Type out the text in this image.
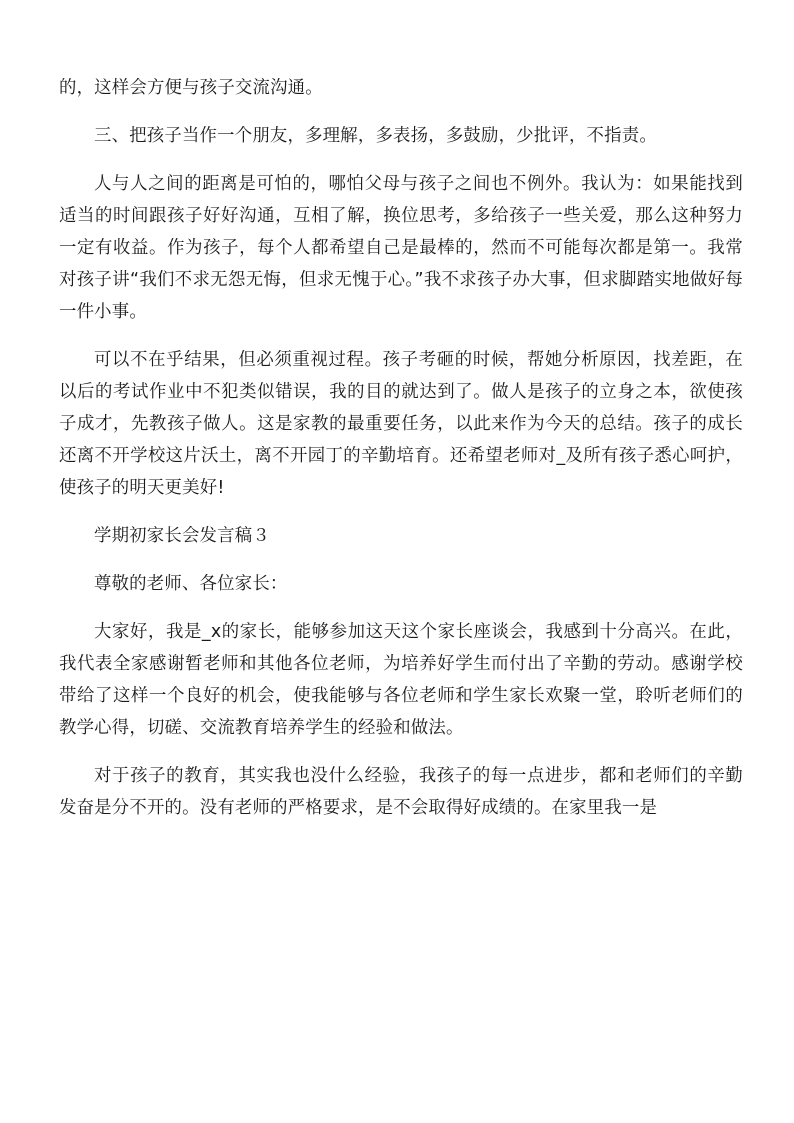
的，这样会方便与孩子交流沟通。

三、把孩子当作一个朋友，多理解，多表扬，多鼓励，少批评，不指责。

人与人之间的距离是可怕的，哪怕父母与孩子之间也不例外。我认为：如果能找到适当的时间跟孩子好好沟通，互相了解，换位思考，多给孩子一些关爱，那么这种努力一定有收益。作为孩子，每个人都希望自己是最棒的，然而不可能每次都是第一。我常对孩子讲“我们不求无怨无悔，但求无愧于心。”我不求孩子办大事，但求脚踏实地做好每一件小事。

可以不在乎结果，但必须重视过程。孩子考砸的时候，帮她分析原因，找差距，在以后的考试作业中不犯类似错误，我的目的就达到了。做人是孩子的立身之本，欲使孩子成才，先教孩子做人。这是家教的最重要任务，以此来作为今天的总结。孩子的成长还离不开学校这片沃土，离不开园丁的辛勤培育。还希望老师对_及所有孩子悉心呵护，使孩子的明天更美好!

学期初家长会发言稿３

尊敬的老师、各位家长：

大家好，我是_x的家长，能够参加这天这个家长座谈会，我感到十分高兴。在此，我代表全家感谢暂老师和其他各位老师，为培养好学生而付出了辛勤的劳动。感谢学校带给了这样一个良好的机会，使我能够与各位老师和学生家长欢聚一堂，聆听老师们的教学心得，切磋、交流教育培养学生的经验和做法。

对于孩子的教育，其实我也没什么经验，我孩子的每一点进步，都和老师们的辛勤发奋是分不开的。没有老师的严格要求，是不会取得好成绩的。在家里我一是
